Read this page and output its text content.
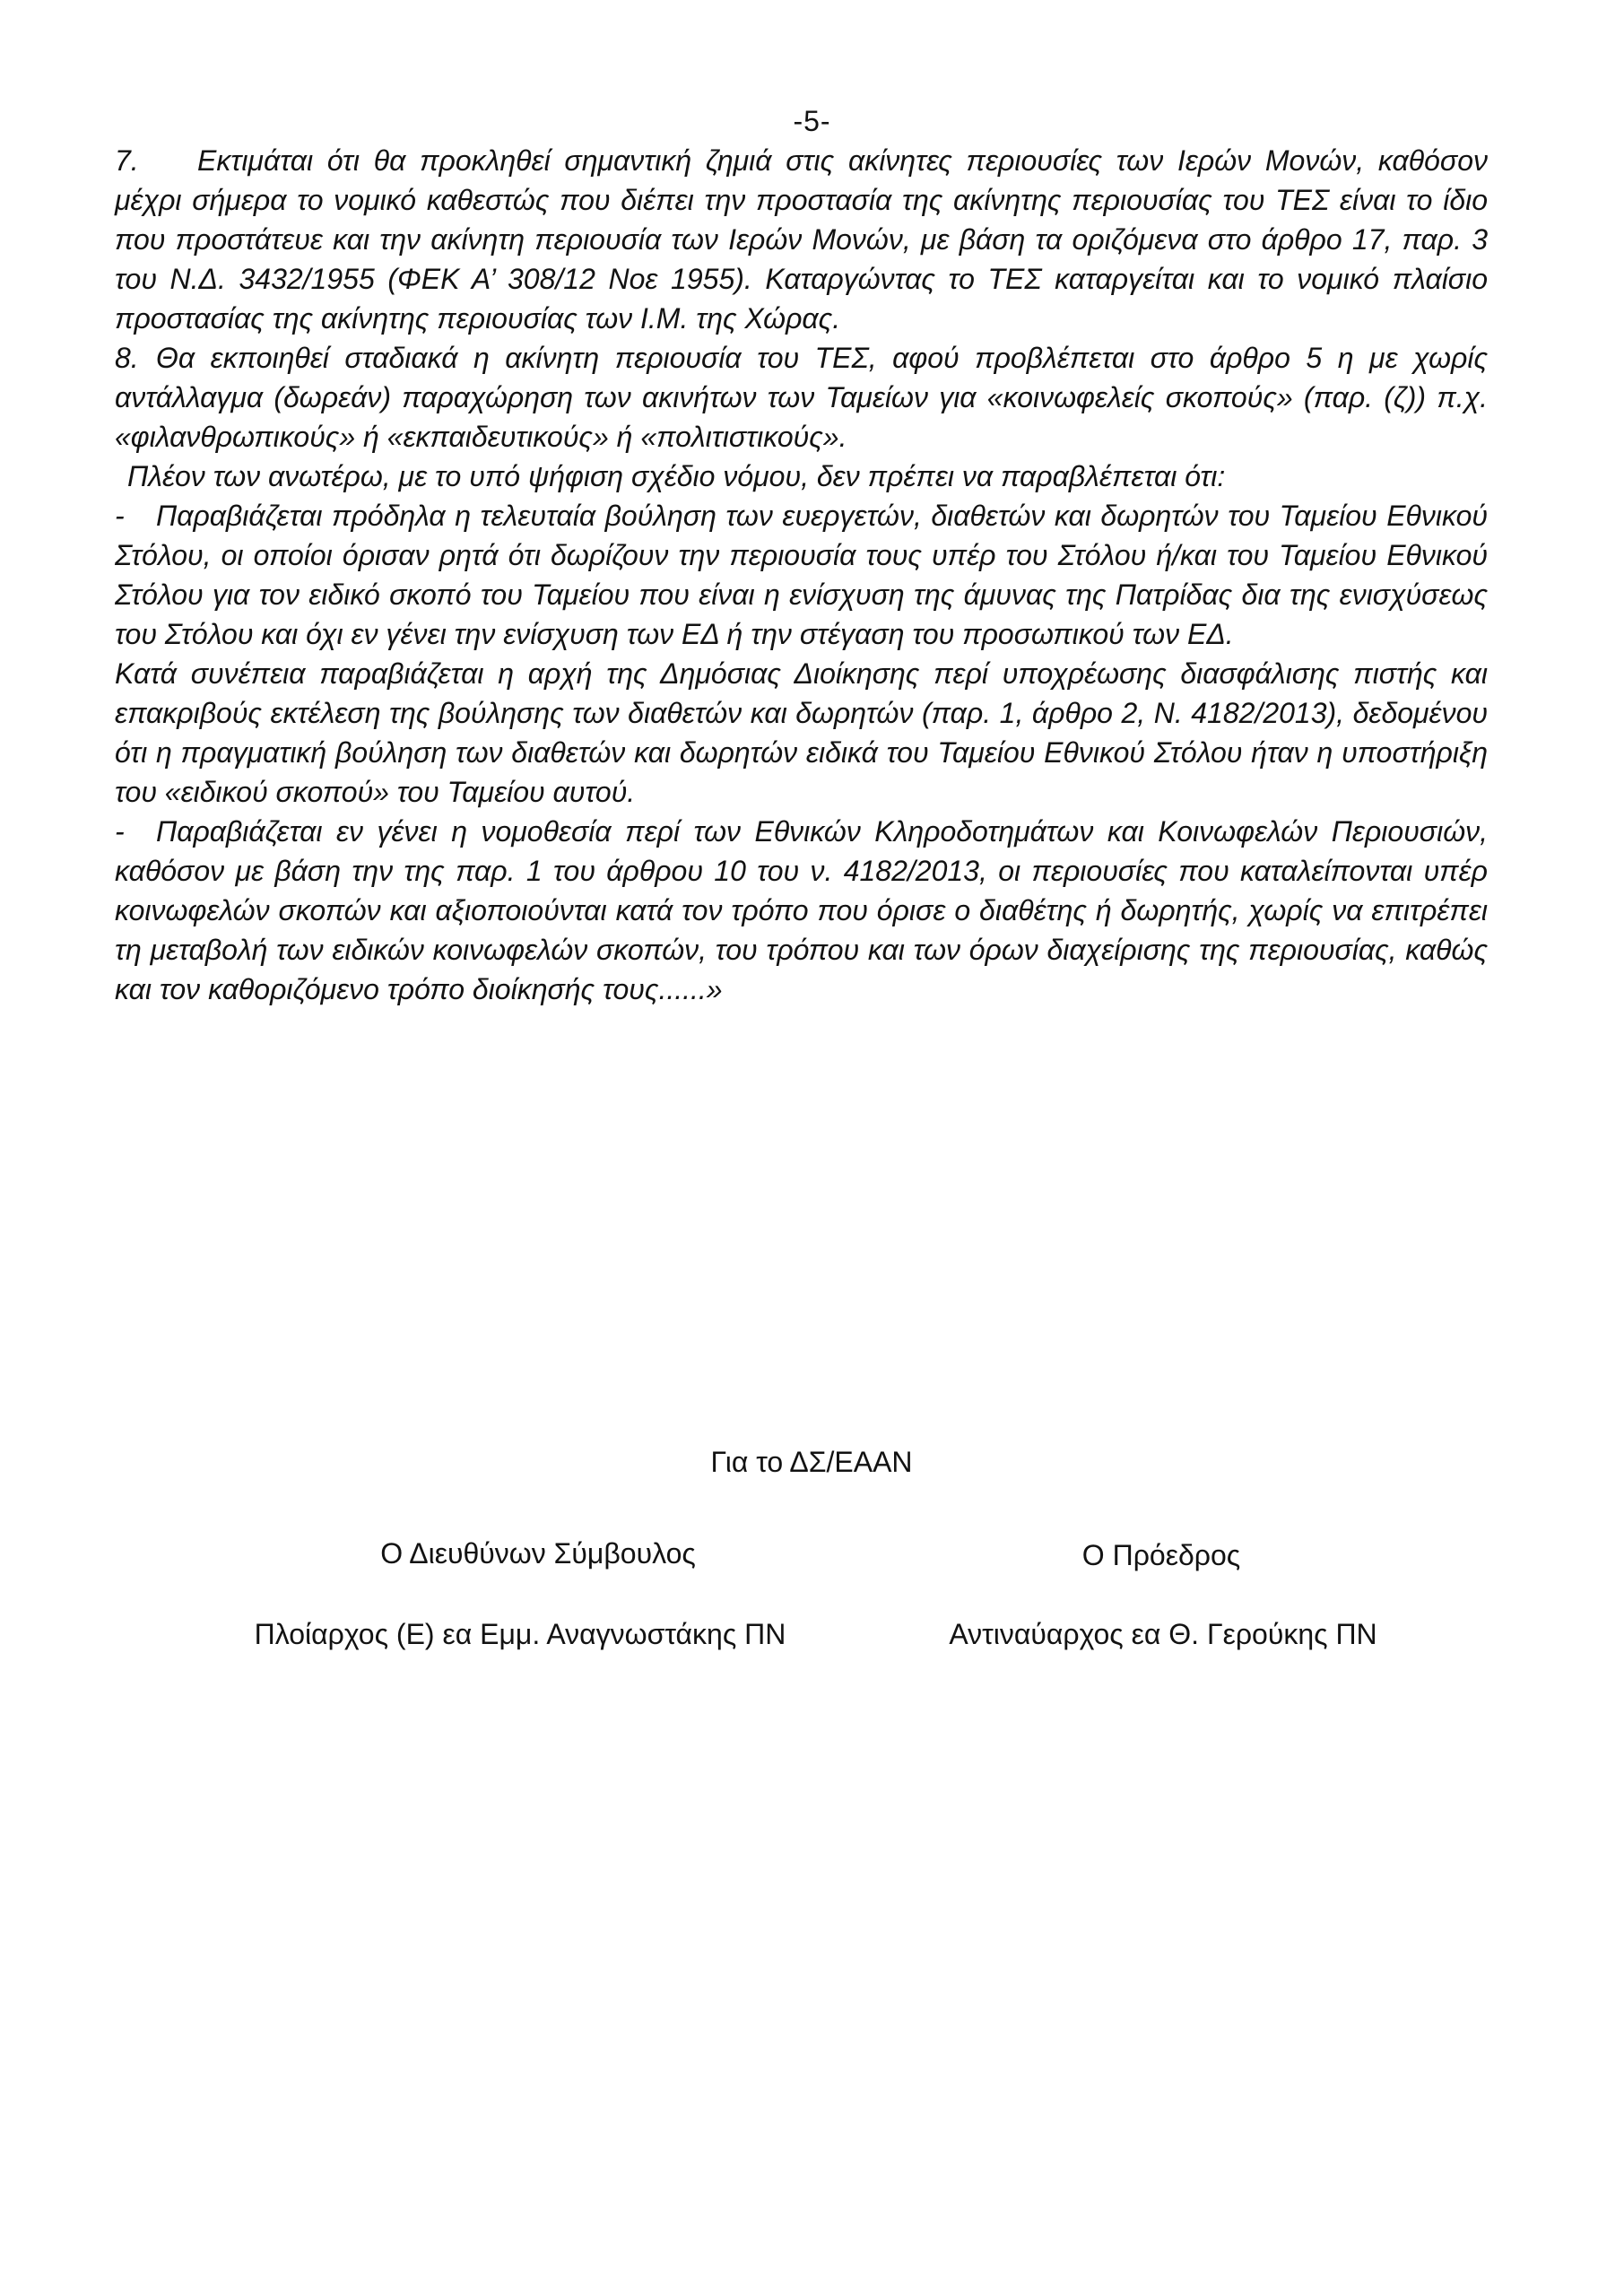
-5-

7. Εκτιμάται ότι θα προκληθεί σημαντική ζημιά στις ακίνητες περιουσίες των Ιερών Μονών, καθόσον μέχρι σήμερα το νομικό καθεστώς που διέπει την προστασία της ακίνητης περιουσίας του ΤΕΣ είναι το ίδιο που προστάτευε και την ακίνητη περιουσία των Ιερών Μονών, με βάση τα οριζόμενα στο άρθρο 17, παρ. 3 του Ν.Δ. 3432/1955 (ΦΕΚ Α’ 308/12 Νοε 1955). Καταργώντας το ΤΕΣ καταργείται και το νομικό πλαίσιο προστασίας της ακίνητης περιουσίας των Ι.Μ. της Χώρας.

8. Θα εκποιηθεί σταδιακά η ακίνητη περιουσία του ΤΕΣ, αφού προβλέπεται στο άρθρο 5 η με χωρίς αντάλλαγμα (δωρεάν) παραχώρηση των ακινήτων των Ταμείων για «κοινωφελείς σκοπούς» (παρ. (ζ)) π.χ. «φιλανθρωπικούς» ή «εκπαιδευτικούς» ή «πολιτιστικούς».

Πλέον των ανωτέρω, με το υπό ψήφιση σχέδιο νόμου, δεν πρέπει να παραβλέπεται ότι:

- Παραβιάζεται πρόδηλα η τελευταία βούληση των ευεργετών, διαθετών και δωρητών του Ταμείου Εθνικού Στόλου, οι οποίοι όρισαν ρητά ότι δωρίζουν την περιουσία τους υπέρ του Στόλου ή/και του Ταμείου Εθνικού Στόλου για τον ειδικό σκοπό του Ταμείου που είναι η ενίσχυση της άμυνας της Πατρίδας δια της ενισχύσεως του Στόλου και όχι εν γένει την ενίσχυση των ΕΔ ή την στέγαση του προσωπικού των ΕΔ.

Κατά συνέπεια παραβιάζεται η αρχή της Δημόσιας Διοίκησης περί υποχρέωσης διασφάλισης πιστής και επακριβούς εκτέλεση της βούλησης των διαθετών και δωρητών (παρ. 1, άρθρο 2, Ν. 4182/2013), δεδομένου ότι η πραγματική βούληση των διαθετών και δωρητών ειδικά του Ταμείου Εθνικού Στόλου ήταν η υποστήριξη του «ειδικού σκοπού» του Ταμείου αυτού.

- Παραβιάζεται εν γένει η νομοθεσία περί των Εθνικών Κληροδοτημάτων και Κοινωφελών Περιουσιών, καθόσον με βάση την της παρ. 1 του άρθρου 10 του ν. 4182/2013, οι περιουσίες που καταλείπονται υπέρ κοινωφελών σκοπών και αξιοποιούνται κατά τον τρόπο που όρισε ο διαθέτης ή δωρητής, χωρίς να επιτρέπει τη μεταβολή των ειδικών κοινωφελών σκοπών, του τρόπου και των όρων διαχείρισης της περιουσίας, καθώς και τον καθοριζόμενο τρόπο διοίκησής τους......»

Για το ΔΣ/ΕΑΑΝ
Ο Διευθύνων Σύμβουλος	Ο Πρόεδρος
Πλοίαρχος (Ε) εα Εμμ. Αναγνωστάκης ΠΝ	Αντιναύαρχος εα Θ. Γερούκης ΠΝ
